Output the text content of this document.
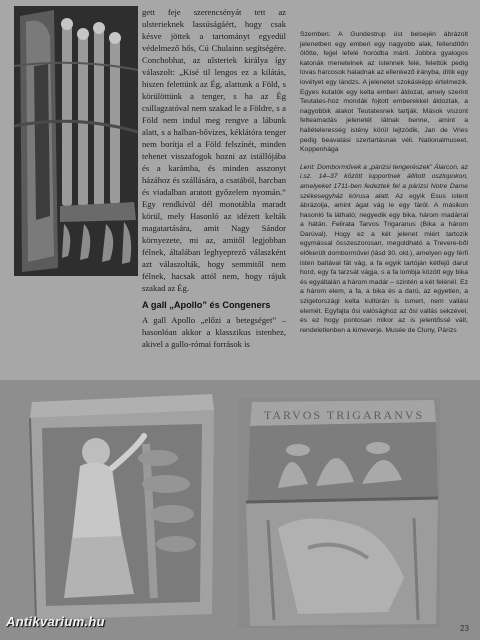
gett feje szerencsényát tett az ulsterieknek lassúságáért, hogy csak késve jöttek a tartományt egyedül védelmező hős, Cú Chulainn segítségére. Conchobhat, az ulsteriek királya így válaszolt: „Kisé til lengos ez a kilátás, hiszen felettünk az Ég, alattunk a Föld, s körülöttünk a tenger, s ha az Ég csillagzatóval nem szakad le a Földre, s a Föld nem indul meg rengve a lábunk alatt, s a halban-bővizes, kéklátóra tenger nem borítja el a Föld felszínét, minden tehenet visszafogok hozni az istállójába és a karámba, és minden asszonyt házához és szállására, a csatából, harcban és viadalban aratott győzelem nyomán.” Egy rendkívül dél monotábla maradt körül, mely Hasonló az idézett kelták magatartására, amit Nagy Sándor környezete, mi az, amitől legjobban félnek, általában leghyeprező válaszként azt válaszolták, hogy semmitől nem félnek, hacsak attól nem, hogy rájuk szakad az Ég.

A gall „Apollo” és Congeners

A gall Apollo „előzi a betegséget” – hasonlóan akkor a klasszikus istenhez, akivel a gallo-római források is

Szemben: A Gundestrup üst belsején ábrázolt jelenetben egy emberi egy nagyobb alak, fellendítőn ölőtte, fejjel lefelé horódba mártl. Jobbra gyalogos katonák menetelnek az istennek felé, felettük pedig lovas harcosok haladnak az ellenkező irányba, dítik egy lovétyet egy lándzs. A jelenetet szokásképp értelmezik. Egyes kutatók egy kelta emberi áldozat, amely szerint Teutates-hoz mondák fojtott emberekkel áldoztak, a nagyobbik alakot Teutatesnek tartják. Mások viszont felteamadás jelenetét látnak benne, amint a hallételeresség istény körül lejtzódik, Jan de Vries pedig beavatási szertartásnak véli. Nationalmuseet, Koppenhága

Lent: Domborművek a „párizsi tengerészek” Álarcon, az i.sz. 14–37 között lupportnek állított oszlopokon, amelyeket 1711-ben fedeztek fel a párizsi Notre Dame székesegyház kórusa alatt. Az egyik Esus istent ábrázolja, amint ágat vág le egy fáról. A másikon hasonló fa látható; negyedik egy bika, három madárral a hátán. Felirata Tarvos Trigaranus (Bika a három Darúval). Hogy ez a két jelenet miért tartozik egymással összeszorosan, megoldható a Trevere-ből előkerült domborművel (lásd 30. old.), amelyen egy férfi isten baltával fát vág, a fa egyik tartóján kétfejű darut hord, egy fa tarzsát vágja, s a fa lombja között egy bika és egyáltalán a három madár – szintén a két felénél. Ez a három elem, a fa, a bika és a darú, az egyetlen, a szigetországi kelta kultúrán is ismert, nem vallási elemét. Egyfajta ősi valósághoz az ősi vallás sekzével, és ez hogy pontosan mikor az is jelentőssé vált, rendeletlenben a kimeverje. Musée de Cluny, Párizs

TARVOS TRIGARANVS
Antikvarium.hu	23
